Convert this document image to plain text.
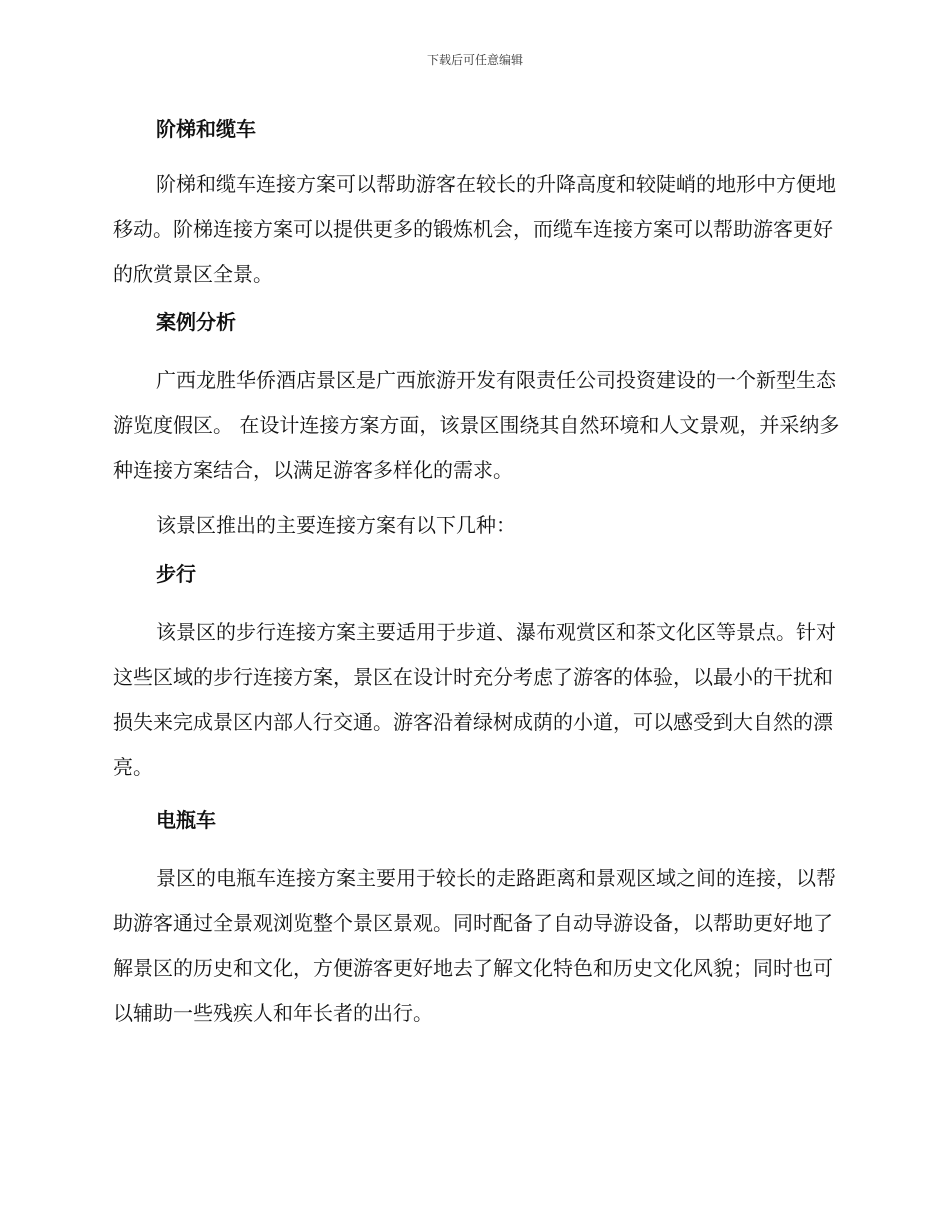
下载后可任意编辑
阶梯和缆车

阶梯和缆车连接方案可以帮助游客在较长的升降高度和较陡峭的地形中方便地移动。阶梯连接方案可以提供更多的锻炼机会，而缆车连接方案可以帮助游客更好的欣赏景区全景。

案例分析

广西龙胜华侨酒店景区是广西旅游开发有限责任公司投资建设的一个新型生态游览度假区。 在设计连接方案方面，该景区围绕其自然环境和人文景观，并采纳多种连接方案结合，以满足游客多样化的需求。

该景区推出的主要连接方案有以下几种：

步行

该景区的步行连接方案主要适用于步道、瀑布观赏区和茶文化区等景点。针对这些区域的步行连接方案，景区在设计时充分考虑了游客的体验，以最小的干扰和损失来完成景区内部人行交通。游客沿着绿树成荫的小道，可以感受到大自然的漂亮。

电瓶车

景区的电瓶车连接方案主要用于较长的走路距离和景观区域之间的连接，以帮助游客通过全景观浏览整个景区景观。同时配备了自动导游设备，以帮助更好地了解景区的历史和文化，方便游客更好地去了解文化特色和历史文化风貌；同时也可以辅助一些残疾人和年长者的出行。
